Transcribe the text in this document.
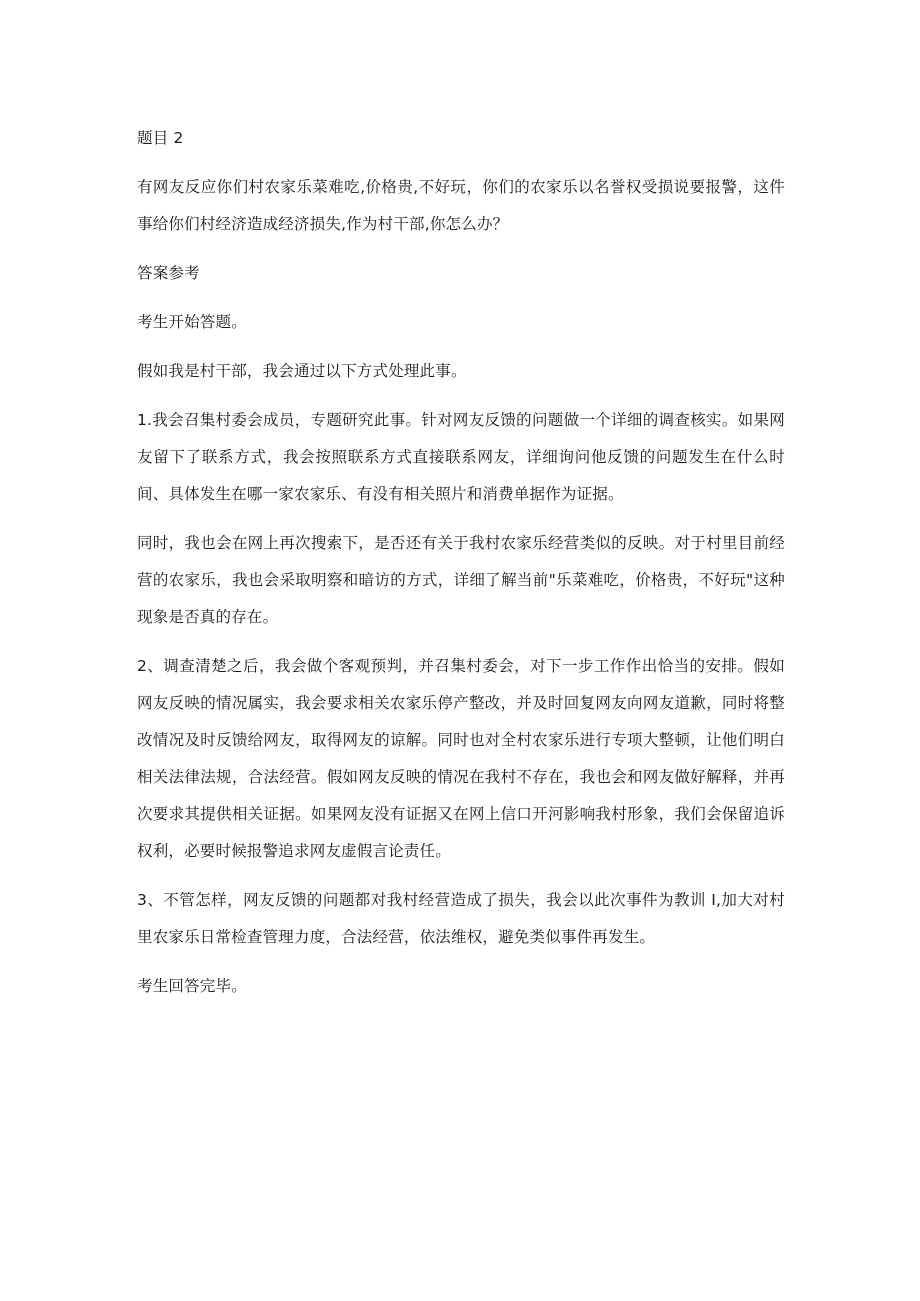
题目 2

有网友反应你们村农家乐菜难吃,价格贵,不好玩，你们的农家乐以名誉权受损说要报警，这件事给你们村经济造成经济损失,作为村干部,你怎么办？

答案参考

考生开始答题。

假如我是村干部，我会通过以下方式处理此事。

1.我会召集村委会成员，专题研究此事。针对网友反馈的问题做一个详细的调查核实。如果网友留下了联系方式，我会按照联系方式直接联系网友，详细询问他反馈的问题发生在什么时间、具体发生在哪一家农家乐、有没有相关照片和消费单据作为证据。

同时，我也会在网上再次搜索下，是否还有关于我村农家乐经营类似的反映。对于村里目前经营的农家乐，我也会采取明察和暗访的方式，详细了解当前"乐菜难吃，价格贵，不好玩"这种现象是否真的存在。

2、调查清楚之后，我会做个客观预判，并召集村委会，对下一步工作作出恰当的安排。假如网友反映的情况属实，我会要求相关农家乐停产整改，并及时回复网友向网友道歉，同时将整改情况及时反馈给网友，取得网友的谅解。同时也对全村农家乐进行专项大整顿，让他们明白相关法律法规，合法经营。假如网友反映的情况在我村不存在，我也会和网友做好解释，并再次要求其提供相关证据。如果网友没有证据又在网上信口开河影响我村形象，我们会保留追诉权利，必要时候报警追求网友虚假言论责任。

3、不管怎样，网友反馈的问题都对我村经营造成了损失，我会以此次事件为教训 I,加大对村里农家乐日常检查管理力度，合法经营，依法维权，避免类似事件再发生。

考生回答完毕。
